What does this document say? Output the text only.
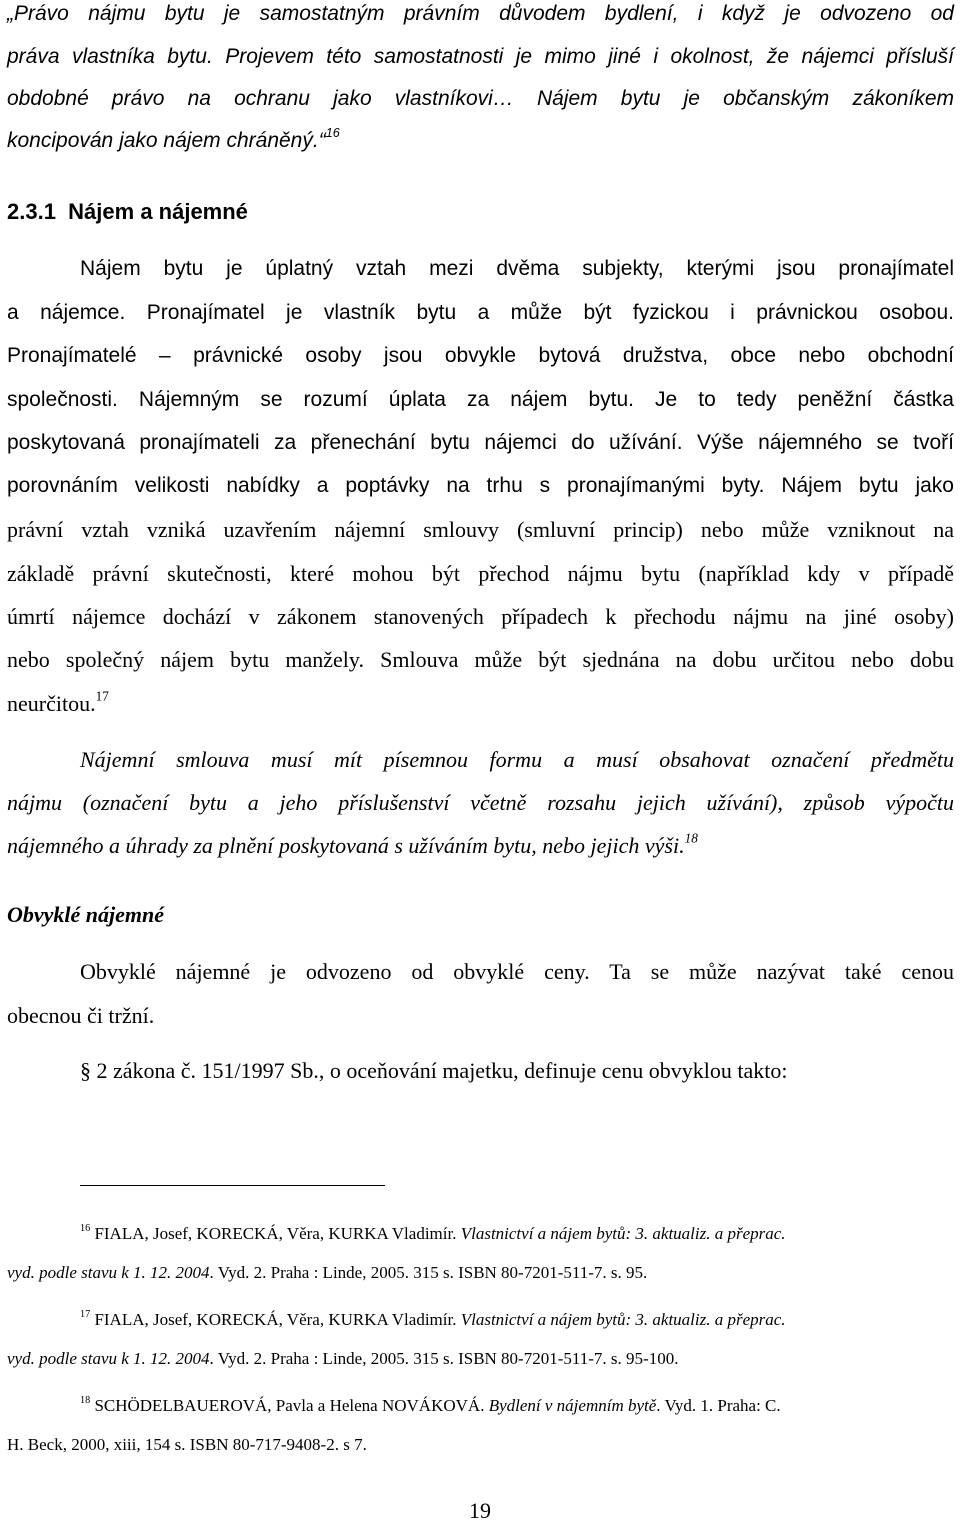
„Právo nájmu bytu je samostatným právním důvodem bydlení, i když je odvozeno od
práva vlastníka bytu. Projevem této samostatnosti je mimo jiné i okolnost, že nájemci přísluší
obdobné právo na ochranu jako vlastníkovi… Nájem bytu je občanským zákoníkem
koncipován jako nájem chráněný.“$^{16}$
2.3.1 Nájem a nájemné
Nájem bytu je úplatný vztah mezi dvěma subjekty, kterými jsou pronajímatel
a nájemce. Pronajímatel je vlastník bytu a může být fyzickou i právnickou osobou.
Pronajímatelé – právnické osoby jsou obvykle bytová družstva, obce nebo obchodní
společnosti. Nájemným se rozumí úplata za nájem bytu. Je to tedy peněžní částka
poskytovaná pronajímateli za přenechání bytu nájemci do užívání. Výše nájemného se tvoří
porovnáním velikosti nabídky a poptávky na trhu s pronajímanými byty. Nájem bytu jako
právní vztah vzniká uzavřením nájemní smlouvy (smluvní princip) nebo může vzniknout na
základě právní skutečnosti, které mohou být přechod nájmu bytu (například kdy v případě
úmrtí nájemce dochází v zákonem stanovených případech k přechodu nájmu na jiné osoby)
nebo společný nájem bytu manžely. Smlouva může být sjednána na dobu určitou nebo dobu
neurčitou.$^{17}$
Nájemní smlouva musí mít písemnou formu a musí obsahovat označení předmětu
nájmu (označení bytu a jeho příslušenství včetně rozsahu jejich užívání), způsob výpočtu
nájemného a úhrady za plnění poskytovaná s užíváním bytu, nebo jejich výši.$^{18}$
Obvyklé nájemné
Obvyklé nájemné je odvozeno od obvyklé ceny. Ta se může nazývat také cenou
obecnou či tržní.
§ 2 zákona č. 151/1997 Sb., o oceňování majetku, definuje cenu obvyklou takto:
$^{16}$ FIALA, Josef, KORECKÁ, Věra, KURKA Vladimír. Vlastnictví a nájem bytů: 3. aktualiz. a přeprac.
vyd. podle stavu k 1. 12. 2004. Vyd. 2. Praha : Linde, 2005. 315 s. ISBN 80-7201-511-7. s. 95.
$^{17}$ FIALA, Josef, KORECKÁ, Věra, KURKA Vladimír. Vlastnictví a nájem bytů: 3. aktualiz. a přeprac.
vyd. podle stavu k 1. 12. 2004. Vyd. 2. Praha : Linde, 2005. 315 s. ISBN 80-7201-511-7. s. 95-100.
$^{18}$ SCHÖDELBAUEROVÁ, Pavla a Helena NOVÁKOVÁ. Bydlení v nájemním bytě. Vyd. 1. Praha: C.
H. Beck, 2000, xiii, 154 s. ISBN 80-717-9408-2. s 7.
19
